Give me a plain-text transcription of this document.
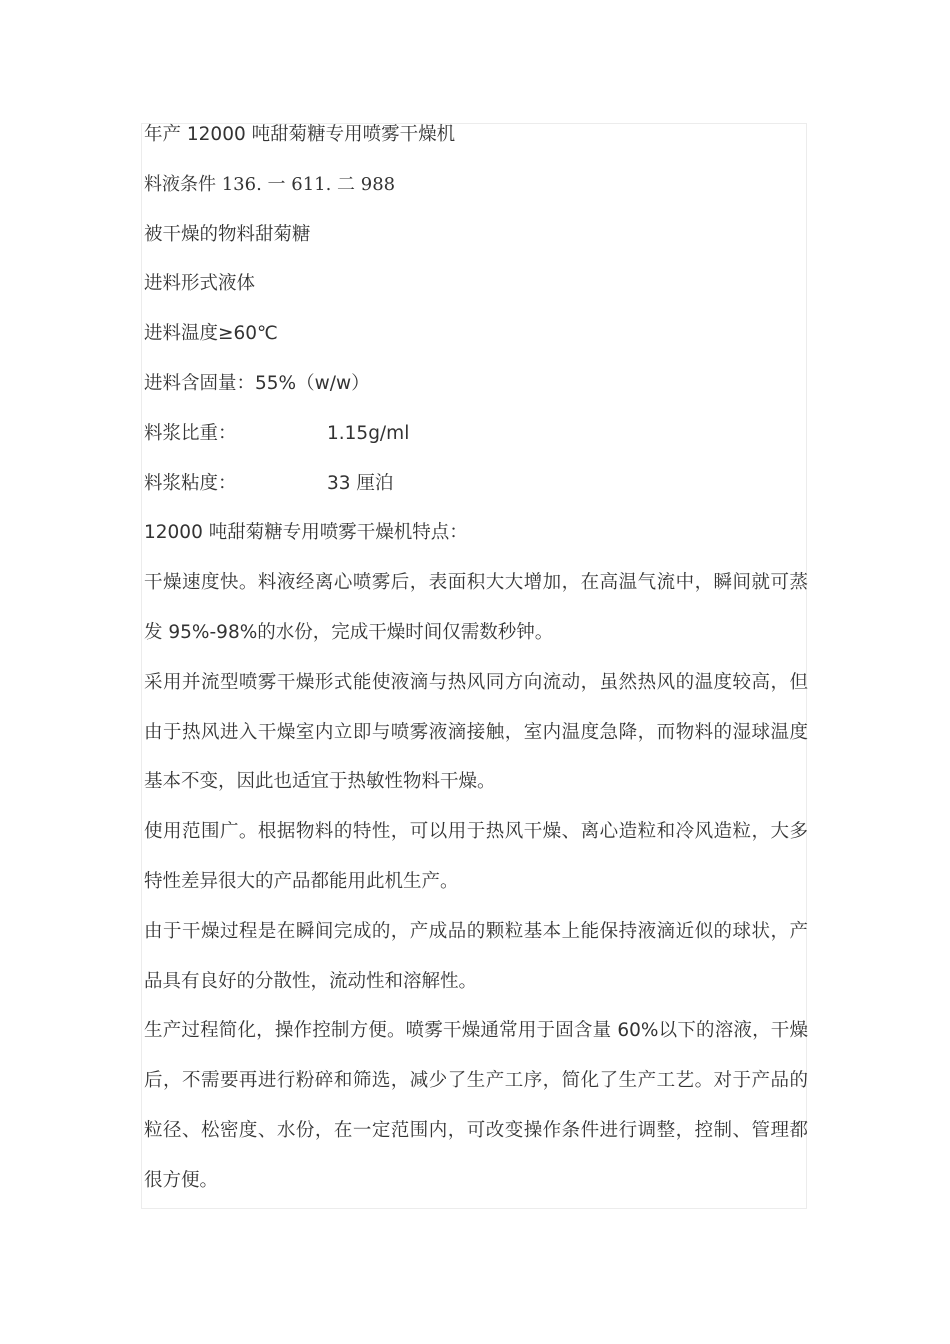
年产 12000 吨甜菊糖专用喷雾干燥机

料液条件 136. 一 611. 二 988

被干燥的物料甜菊糖

进料形式液体

进料温度≥60℃

进料含固量：55%（w/w）

料浆比重：	1.15g/ml
料浆粘度：	33 厘泊

12000 吨甜菊糖专用喷雾干燥机特点：

干燥速度快。料液经离心喷雾后，表面积大大增加，在高温气流中，瞬间就可蒸发 95%-98%的水份，完成干燥时间仅需数秒钟。

采用并流型喷雾干燥形式能使液滴与热风同方向流动，虽然热风的温度较高，但由于热风进入干燥室内立即与喷雾液滴接触，室内温度急降，而物料的湿球温度基本不变，因此也适宜于热敏性物料干燥。

使用范围广。根据物料的特性，可以用于热风干燥、离心造粒和冷风造粒，大多特性差异很大的产品都能用此机生产。

由于干燥过程是在瞬间完成的，产成品的颗粒基本上能保持液滴近似的球状，产品具有良好的分散性，流动性和溶解性。

生产过程简化，操作控制方便。喷雾干燥通常用于固含量 60%以下的溶液，干燥后，不需要再进行粉碎和筛选，减少了生产工序，简化了生产工艺。对于产品的粒径、松密度、水份，在一定范围内，可改变操作条件进行调整，控制、管理都很方便。
